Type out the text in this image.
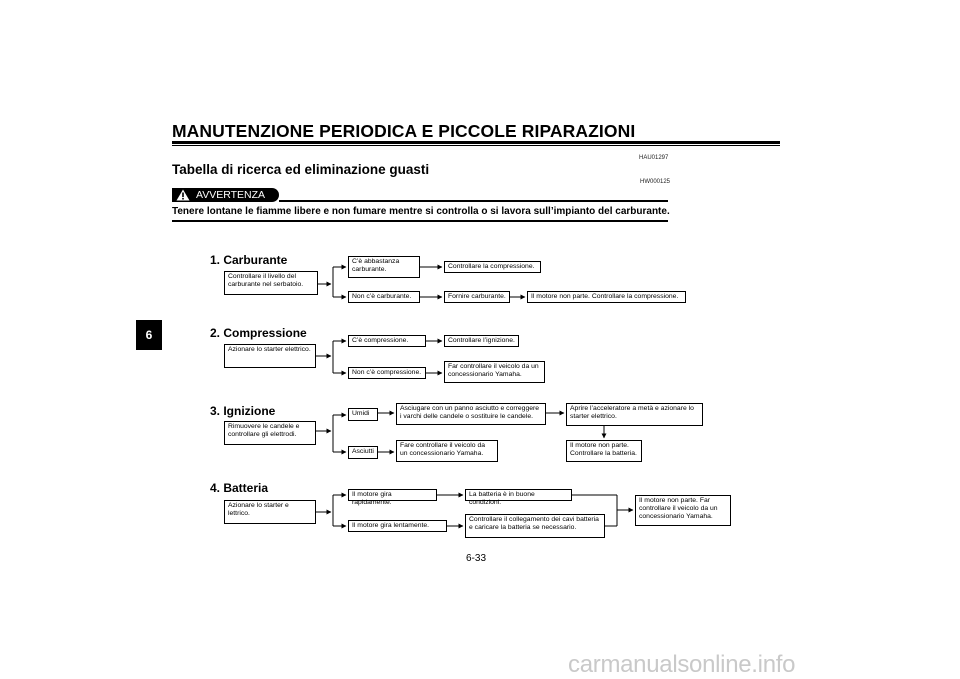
MANUTENZIONE PERIODICA E PICCOLE RIPARAZIONI
HAU01297
Tabella di ricerca ed eliminazione guasti
HW000125
AVVERTENZA
Tenere lontane le fiamme libere e non fumare mentre si controlla o si lavora sull’impianto del carburante.
6
1. Carburante
Controllare il livello del carburante nel serbatoio.
C’è abbastanza carburante.	Controllare la compressione.
Non c’è carburante.	Fornire carburante.	Il motore non parte. Controllare la compressione.
2. Compressione
Azionare lo starter elettrico.
C’è compressione.	Controllare l’ignizione.
Non c’è compressione.
Far controllare il veicolo da un concessionario Yamaha.
3. Ignizione
Rimuovere le candele e controllare gli elettrodi.
Umidi
Asciugare con un panno asciutto e correggere i varchi delle candele o sostituire le candele.
Aprire l’acceleratore a metà e azionare lo starter elettrico.
Il motore non parte. Controllare la batteria.
Asciutti
Fare controllare il veicolo da un concessionario Yamaha.
4. Batteria
Azionare lo starter e lettrico.
Il motore gira rapidamente.
La batteria è in buone condizioni.
Il motore gira lentamente.
Controllare il collegamento dei cavi batteria e caricare la batteria se necessario.
Il motore non parte. Far controllare il veicolo da un concessionario Yamaha.
6-33
carmanualsonline.info
